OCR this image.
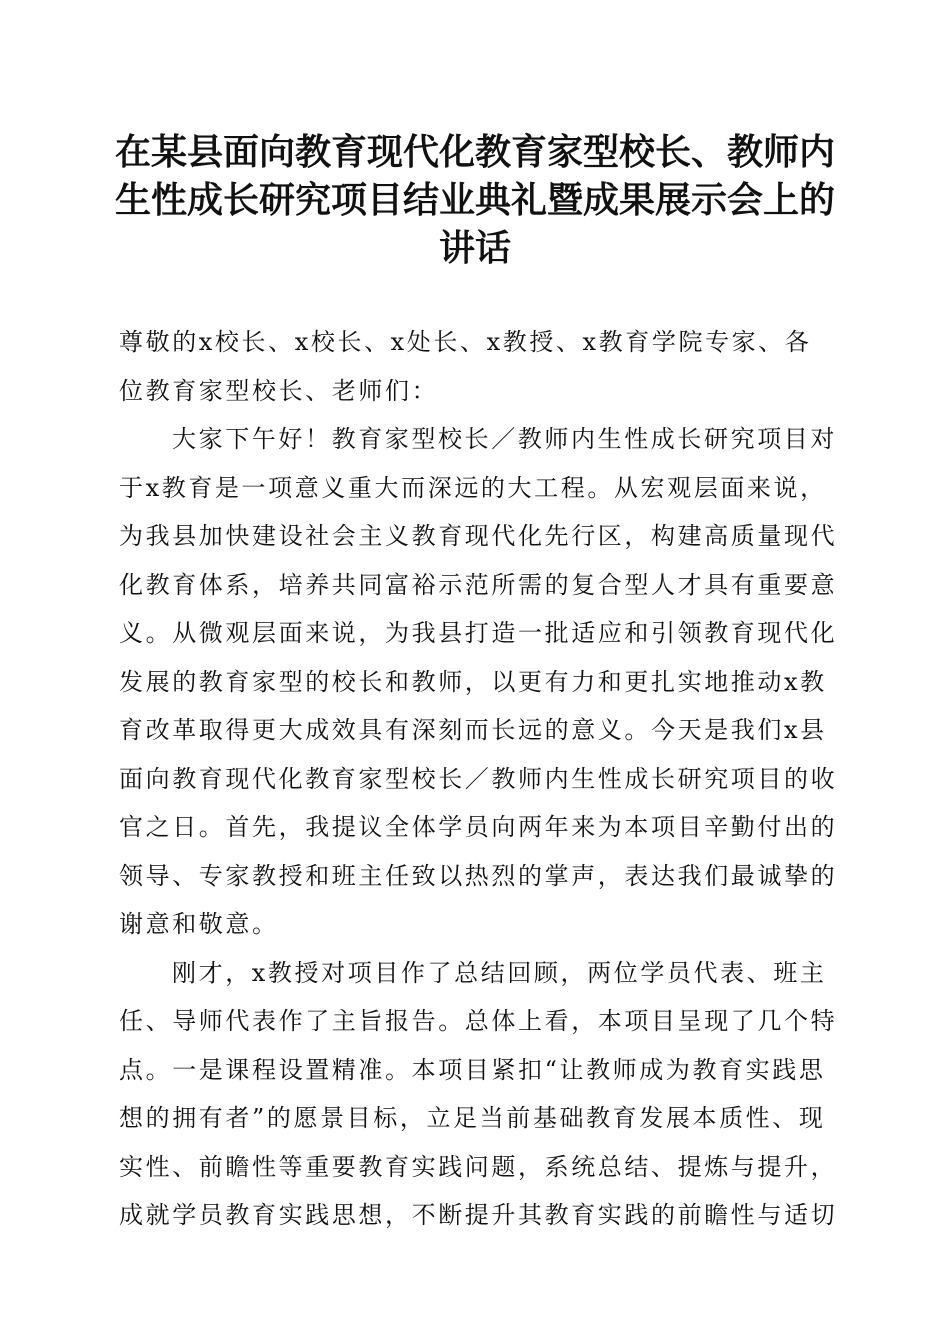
在某县面向教育现代化教育家型校长、教师内
生性成长研究项目结业典礼暨成果展示会上的
讲话

尊敬的x校长、x校长、x处长、x教授、x教育学院专家、各
位教育家型校长、老师们：

大家下午好！教育家型校长／教师内生性成长研究项目对
于x教育是一项意义重大而深远的大工程。从宏观层面来说，
为我县加快建设社会主义教育现代化先行区，构建高质量现代
化教育体系，培养共同富裕示范所需的复合型人才具有重要意
义。从微观层面来说，为我县打造一批适应和引领教育现代化
发展的教育家型的校长和教师，以更有力和更扎实地推动x教
育改革取得更大成效具有深刻而长远的意义。今天是我们x县
面向教育现代化教育家型校长／教师内生性成长研究项目的收
官之日。首先，我提议全体学员向两年来为本项目辛勤付出的
领导、专家教授和班主任致以热烈的掌声，表达我们最诚挚的
谢意和敬意。

刚才，x教授对项目作了总结回顾，两位学员代表、班主
任、导师代表作了主旨报告。总体上看，本项目呈现了几个特
点。一是课程设置精准。本项目紧扣“让教师成为教育实践思
想的拥有者”的愿景目标，立足当前基础教育发展本质性、现
实性、前瞻性等重要教育实践问题，系统总结、提炼与提升，
成就学员教育实践思想，不断提升其教育实践的前瞻性与适切
